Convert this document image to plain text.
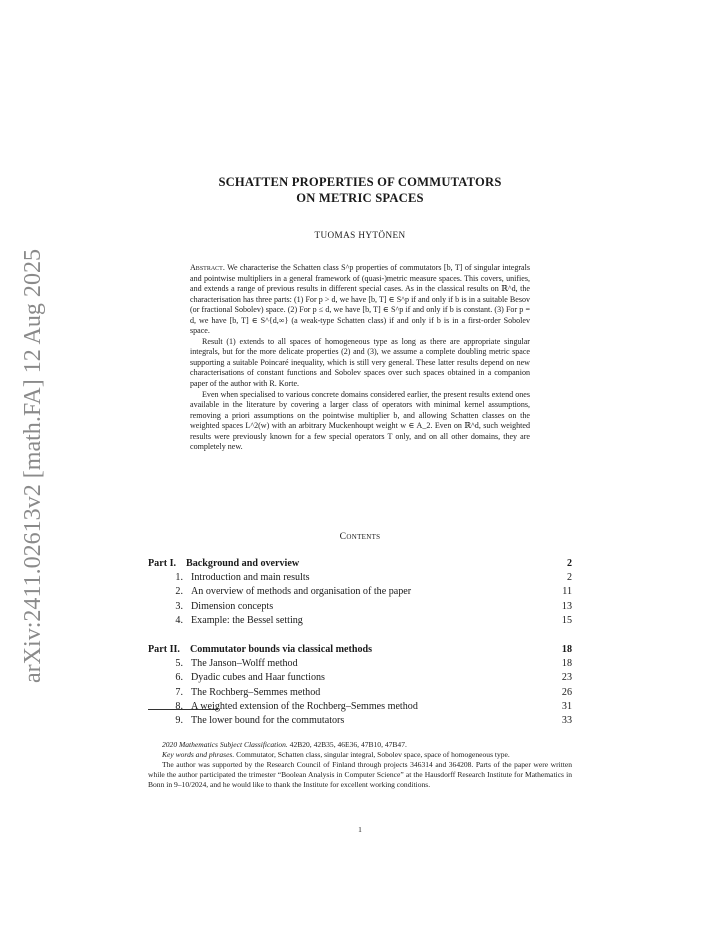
arXiv:2411.02613v2 [math.FA] 12 Aug 2025
SCHATTEN PROPERTIES OF COMMUTATORS
ON METRIC SPACES
TUOMAS HYTÖNEN

Abstract. We characterise the Schatten class S^p properties of commutators [b, T] of singular integrals and pointwise multipliers in a general framework of (quasi-)metric measure spaces. This covers, unifies, and extends a range of previous results in different special cases. As in the classical results on ℝ^d, the characterisation has three parts: (1) For p > d, we have [b, T] ∈ S^p if and only if b is in a suitable Besov (or fractional Sobolev) space. (2) For p ≤ d, we have [b, T] ∈ S^p if and only if b is constant. (3) For p = d, we have [b, T] ∈ S^{d,∞} (a weak-type Schatten class) if and only if b is in a first-order Sobolev space.

Result (1) extends to all spaces of homogeneous type as long as there are appropriate singular integrals, but for the more delicate properties (2) and (3), we assume a complete doubling metric space supporting a suitable Poincaré inequality, which is still very general. These latter results depend on new characterisations of constant functions and Sobolev spaces over such spaces obtained in a companion paper of the author with R. Korte.

Even when specialised to various concrete domains considered earlier, the present results extend ones available in the literature by covering a larger class of operators with minimal kernel assumptions, removing a priori assumptions on the pointwise multiplier b, and allowing Schatten classes on the weighted spaces L^2(w) with an arbitrary Muckenhoupt weight w ∈ A_2. Even on ℝ^d, such weighted results were previously known for a few special operators T only, and on all other domains, they are completely new.

Contents
Part I. Background and overview	2
1. Introduction and main results	2
2. An overview of methods and organisation of the paper	11
3. Dimension concepts	13
4. Example: the Bessel setting	15
Part II. Commutator bounds via classical methods	18
5. The Janson–Wolff method	18
6. Dyadic cubes and Haar functions	23
7. The Rochberg–Semmes method	26
8. A weighted extension of the Rochberg–Semmes method	31
9. The lower bound for the commutators	33

2020 Mathematics Subject Classification. 42B20, 42B35, 46E36, 47B10, 47B47.

Key words and phrases. Commutator, Schatten class, singular integral, Sobolev space, space of homogeneous type.

The author was supported by the Research Council of Finland through projects 346314 and 364208. Parts of the paper were written while the author participated the trimester “Boolean Analysis in Computer Science” at the Hausdorff Research Institute for Mathematics in Bonn in 9–10/2024, and he would like to thank the Institute for excellent working conditions.

1
